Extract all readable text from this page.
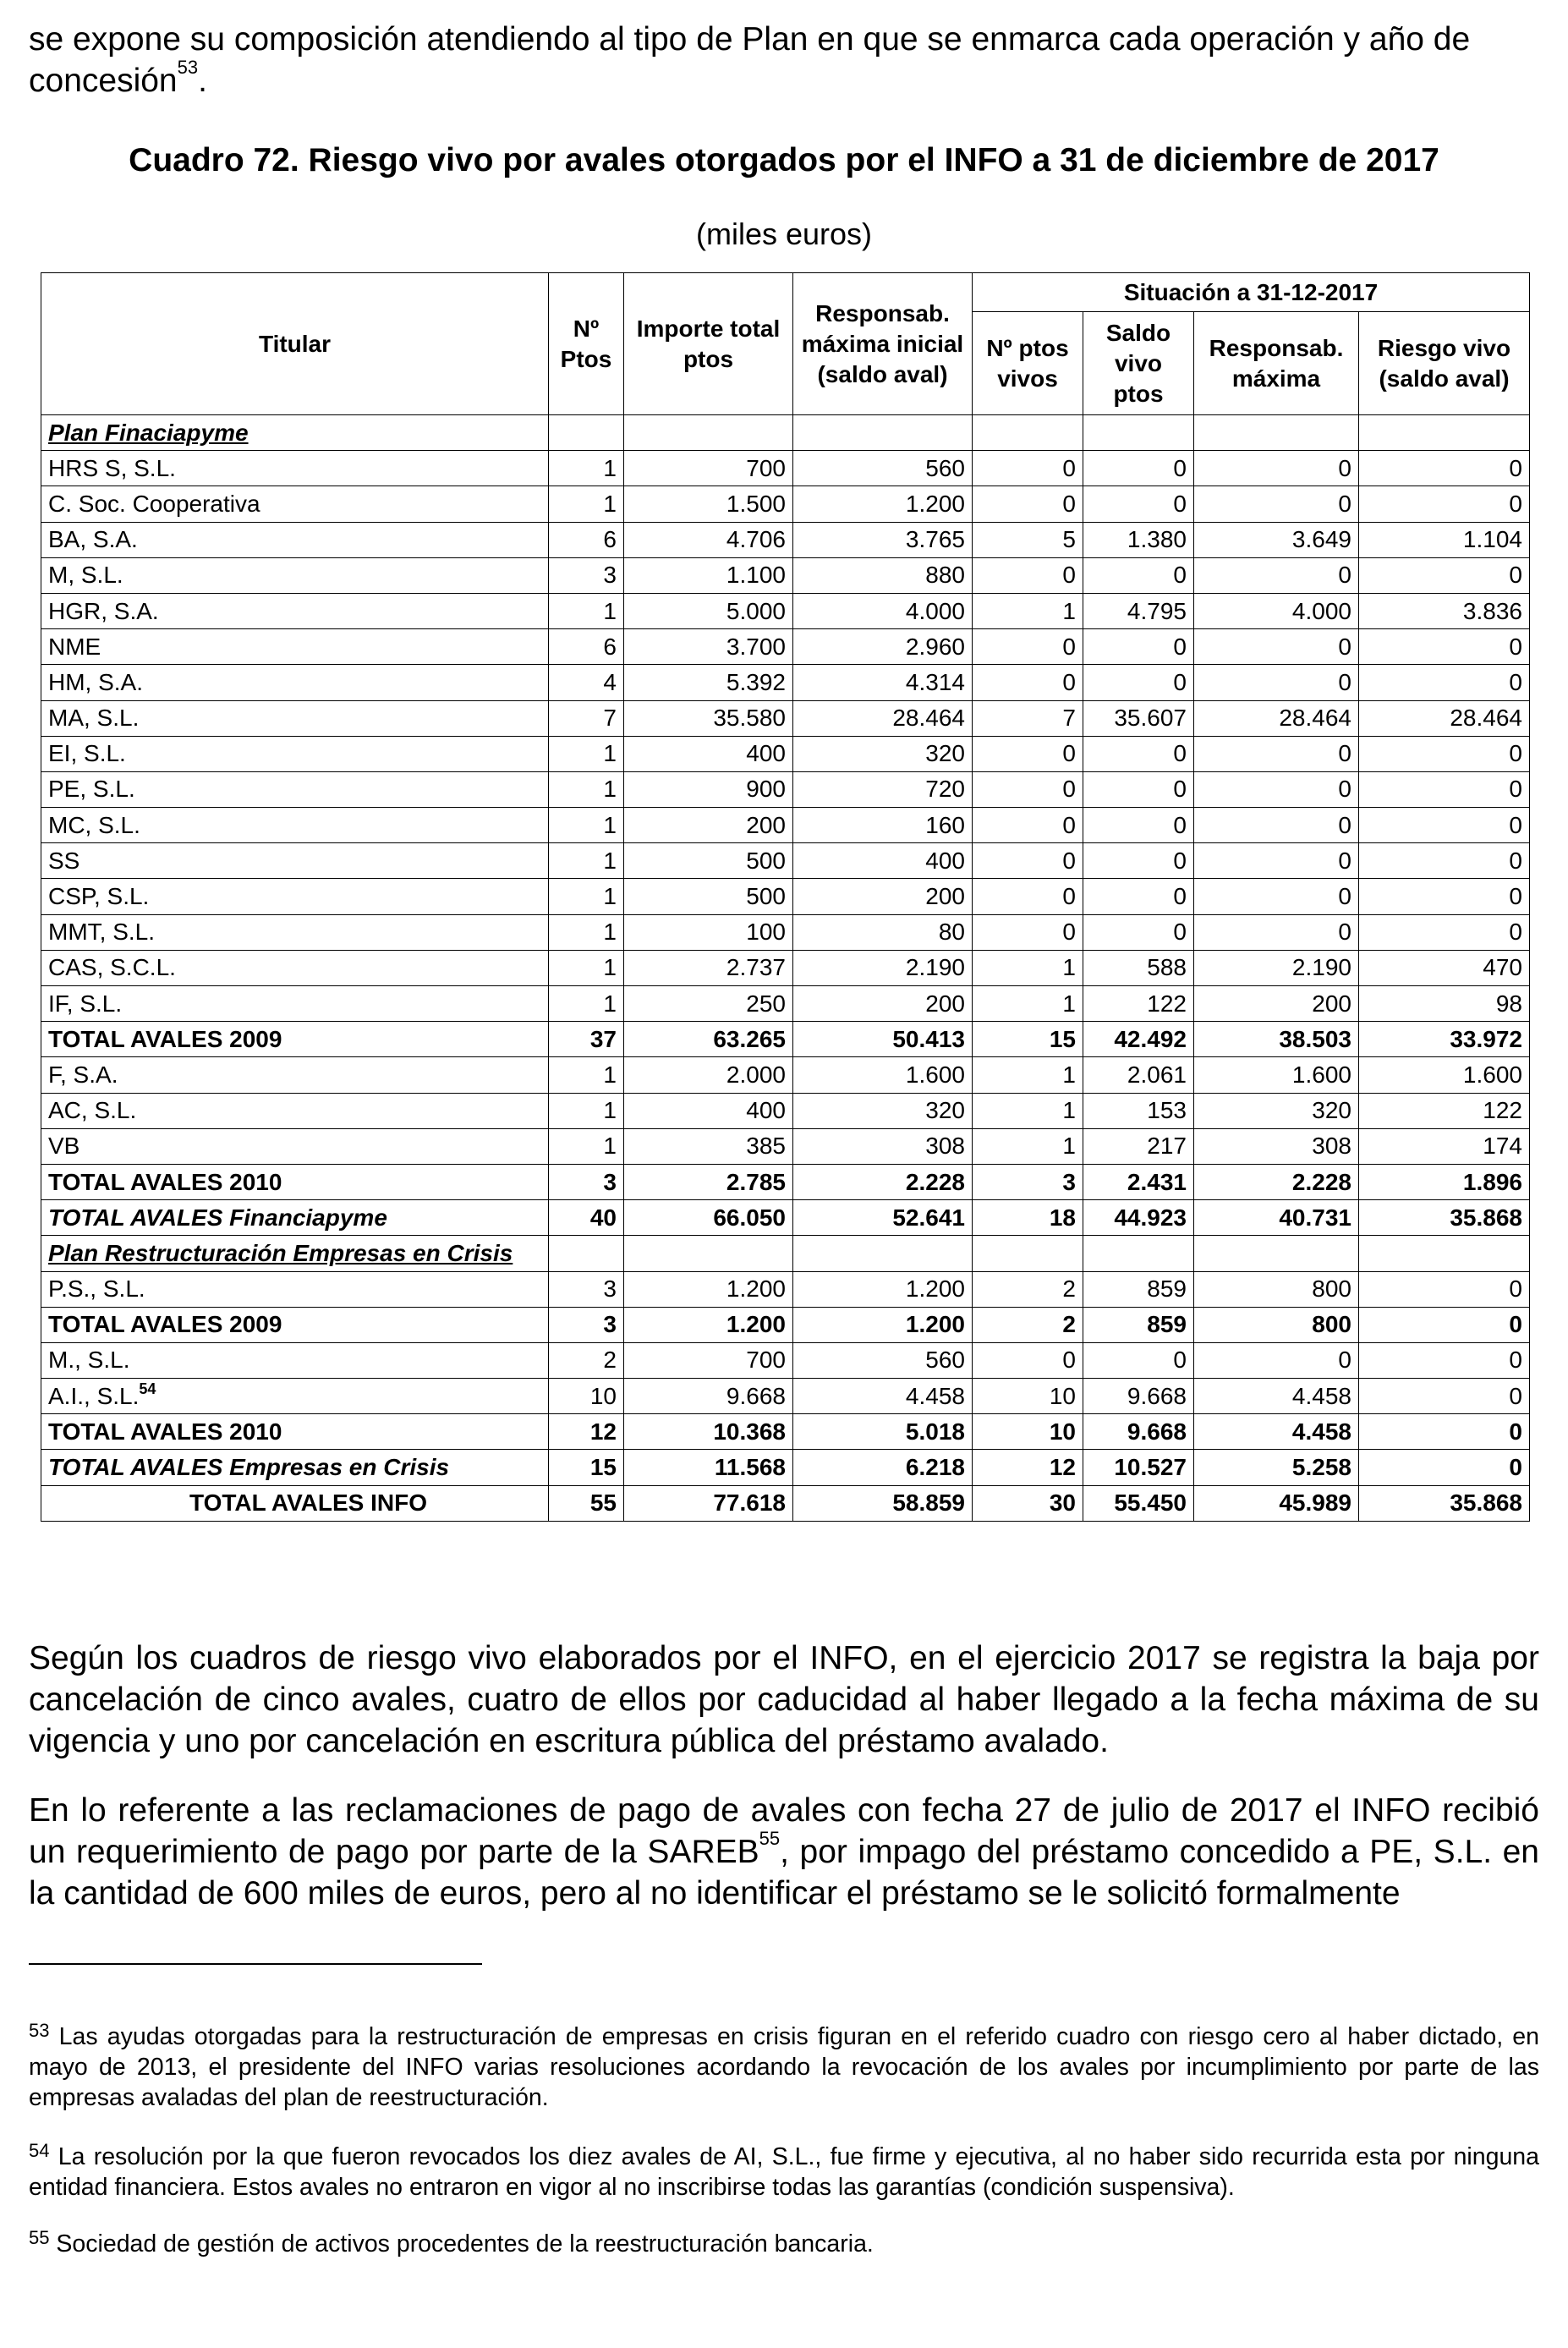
se expone su composición atendiendo al tipo de Plan en que se enmarca cada operación y año de
concesión$^{53}$.

Cuadro 72. Riesgo vivo por avales otorgados por el INFO a 31 de diciembre de 2017
(miles euros)
Titular	Nº Ptos	Importe total ptos	Responsab. máxima inicial (saldo aval)	Situación a 31-12-2017			
				Nº ptos vivos	Saldo vivo ptos	Responsab. máxima	Riesgo vivo (saldo aval)
Plan Finaciapyme							
HRS S, S.L.	1	700	560	0	0	0	0
C. Soc. Cooperativa	1	1.500	1.200	0	0	0	0
BA, S.A.	6	4.706	3.765	5	1.380	3.649	1.104
M, S.L.	3	1.100	880	0	0	0	0
HGR, S.A.	1	5.000	4.000	1	4.795	4.000	3.836
NME	6	3.700	2.960	0	0	0	0
HM, S.A.	4	5.392	4.314	0	0	0	0
MA, S.L.	7	35.580	28.464	7	35.607	28.464	28.464
EI, S.L.	1	400	320	0	0	0	0
PE, S.L.	1	900	720	0	0	0	0
MC, S.L.	1	200	160	0	0	0	0
SS	1	500	400	0	0	0	0
CSP, S.L.	1	500	200	0	0	0	0
MMT, S.L.	1	100	80	0	0	0	0
CAS, S.C.L.	1	2.737	2.190	1	588	2.190	470
IF, S.L.	1	250	200	1	122	200	98
TOTAL AVALES 2009	37	63.265	50.413	15	42.492	38.503	33.972
F, S.A.	1	2.000	1.600	1	2.061	1.600	1.600
AC, S.L.	1	400	320	1	153	320	122
VB	1	385	308	1	217	308	174
TOTAL AVALES 2010	3	2.785	2.228	3	2.431	2.228	1.896
TOTAL AVALES Financiapyme	40	66.050	52.641	18	44.923	40.731	35.868
Plan Restructuración Empresas en Crisis							
P.S., S.L.	3	1.200	1.200	2	859	800	0
TOTAL AVALES 2009	3	1.200	1.200	2	859	800	0
M., S.L.	2	700	560	0	0	0	0
A.I., S.L.$^{54}$	10	9.668	4.458	10	9.668	4.458	0
TOTAL AVALES 2010	12	10.368	5.018	10	9.668	4.458	0
TOTAL AVALES Empresas en Crisis	15	11.568	6.218	12	10.527	5.258	0
TOTAL AVALES INFO	55	77.618	58.859	30	55.450	45.989	35.868

Según los cuadros de riesgo vivo elaborados por el INFO, en el ejercicio 2017 se registra la baja por cancelación de cinco avales, cuatro de ellos por caducidad al haber llegado a la fecha máxima de su vigencia y uno por cancelación en escritura pública del préstamo avalado.

En lo referente a las reclamaciones de pago de avales con fecha 27 de julio de 2017 el INFO recibió un requerimiento de pago por parte de la SAREB$^{55}$, por impago del préstamo concedido a PE, S.L. en la cantidad de 600 miles de euros, pero al no identificar el préstamo se le solicitó formalmente

$^{53}$ Las ayudas otorgadas para la restructuración de empresas en crisis figuran en el referido cuadro con riesgo cero al haber dictado, en mayo de 2013, el presidente del INFO varias resoluciones acordando la revocación de los avales por incumplimiento por parte de las empresas avaladas del plan de reestructuración.

$^{54}$ La resolución por la que fueron revocados los diez avales de AI, S.L., fue firme y ejecutiva, al no haber sido recurrida esta por ninguna entidad financiera. Estos avales no entraron en vigor al no inscribirse todas las garantías (condición suspensiva).

$^{55}$ Sociedad de gestión de activos procedentes de la reestructuración bancaria.
